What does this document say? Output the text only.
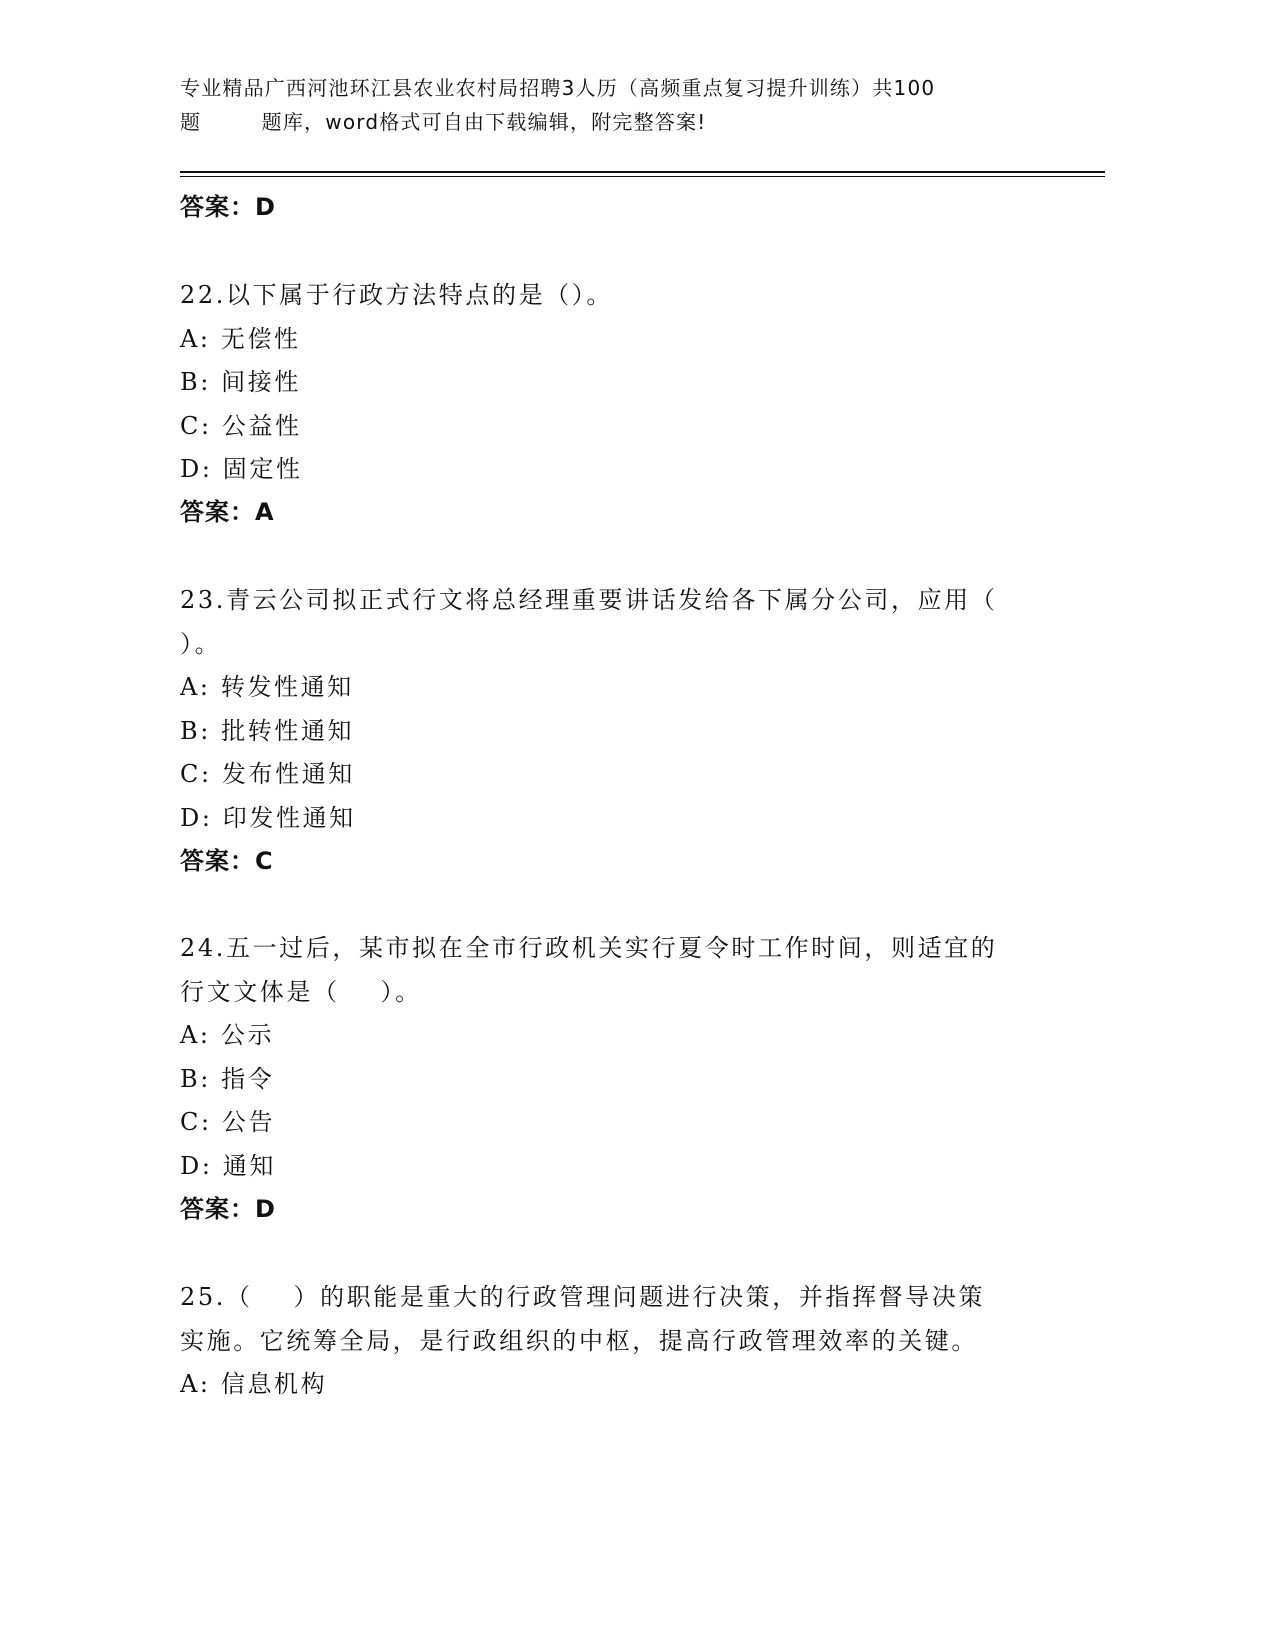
专业精品广西河池环江县农业农村局招聘3人历（高频重点复习提升训练）共100
题        题库，word格式可自由下载编辑，附完整答案!
答案：D
22.以下属于行政方法特点的是（）。
A: 无偿性
B: 间接性
C: 公益性
D: 固定性
答案：A
23.青云公司拟正式行文将总经理重要讲话发给各下属分公司，应用（
）。
A: 转发性通知
B: 批转性通知
C: 发布性通知
D: 印发性通知
答案：C
24.五一过后，某市拟在全市行政机关实行夏令时工作时间，则适宜的
行文文体是（    ）。
A: 公示
B: 指令
C: 公告
D: 通知
答案：D
25.（    ）的职能是重大的行政管理问题进行决策，并指挥督导决策
实施。它统筹全局，是行政组织的中枢，提高行政管理效率的关键。
A: 信息机构
